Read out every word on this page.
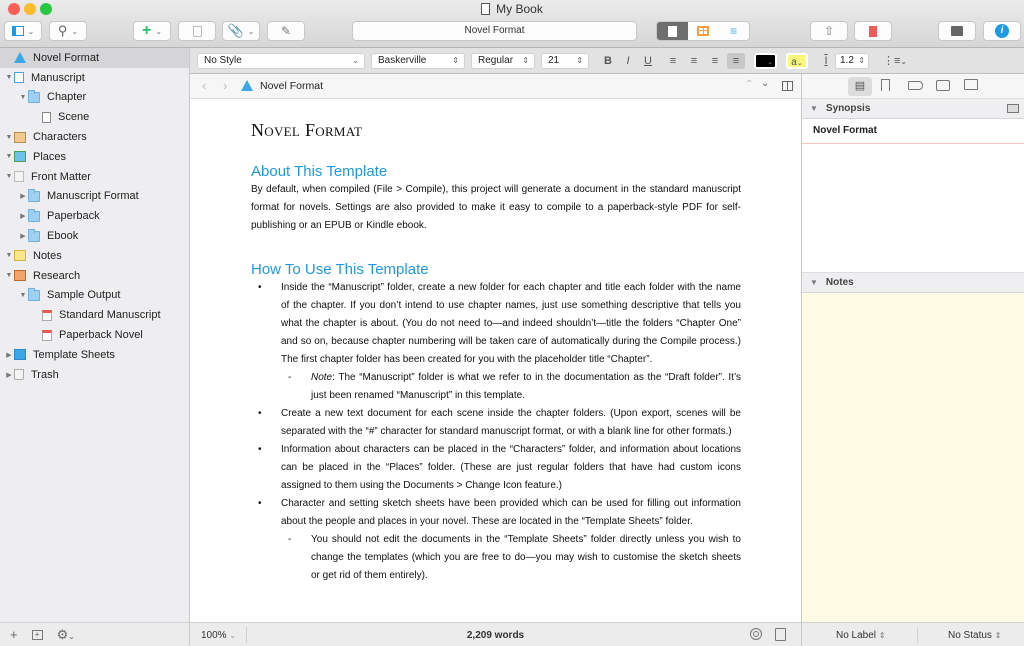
My Book
⌄ ⚲ ⌄	+ ⌄	📎 ⌄ ✎	Novel Format	≡	⇧	i
Novel Format
▼ Manuscript
▼ Chapter
Scene
▼ Characters
▼ Places
▼ Front Matter
▶ Manuscript Format
▶ Paperback
▶ Ebook
▼ Notes
▼ Research
▼ Sample Output
Standard Manuscript
Paperback Novel
▶ Template Sheets
▶ Trash
+	+ ⚙⌄
No Style	⌄	Baskerville	⇕	Regular ⇕	21 ⇕ B	I	U	≡	≡	≡	≡	⌄	a⌄	I	1.2 ⇕ ⋮≡⌄
‹ ›	Novel Format	⌃ ⌄
Novel Format
About This Template

By default, when compiled (File > Compile), this project will generate a document in the standard manuscript format for novels. Settings are also provided to make it easy to compile to a paperback-style PDF for self-publishing or an EPUB or Kindle ebook.

How To Use This Template
• Inside the “Manuscript” folder, create a new folder for each chapter and title each folder with the name of the chapter. If you don’t intend to use chapter names, just use something descriptive that tells you what the chapter is about. (You do not need to—and indeed shouldn’t—title the folders “Chapter One” and so on, because chapter numbering will be taken care of automatically during the Compile process.) The first chapter folder has been created for you with the placeholder title “Chapter”.
- Note: The “Manuscript” folder is what we refer to in the documentation as the “Draft folder”. It’s just been renamed “Manuscript” in this template.
• Create a new text document for each scene inside the chapter folders. (Upon export, scenes will be separated with the “#” character for standard manuscript format, or with a blank line for other formats.)
• Information about characters can be placed in the “Characters” folder, and information about locations can be placed in the “Places” folder. (These are just regular folders that have had custom icons assigned to them using the Documents > Change Icon feature.)
• Character and setting sketch sheets have been provided which can be used for filling out information about the people and places in your novel. These are located in the “Template Sheets” folder.
- You should not edit the documents in the “Template Sheets” folder directly unless you wish to change the templates (which you are free to do—you may wish to customise the sketch sheets or get rid of them entirely).
100% ⌄	2,209 words
▤
▼ Synopsis
Novel Format
▼ Notes
No Label ⇕	No Status ⇕
